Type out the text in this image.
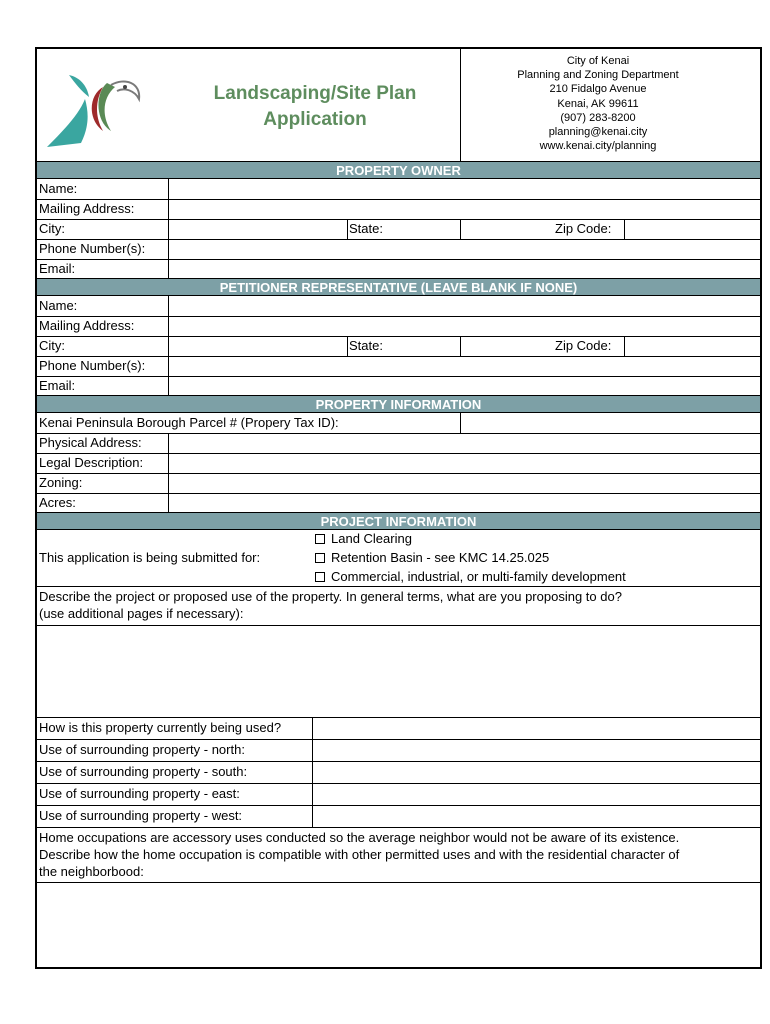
Landscaping/Site Plan
Application
City of Kenai
Planning and Zoning Department
210 Fidalgo Avenue
Kenai, AK 99611
(907) 283-8200
planning@kenai.city
www.kenai.city/planning
PROPERTY OWNER
Name:
Mailing Address:
City:	State:	Zip Code:
Phone Number(s):
Email:
PETITIONER REPRESENTATIVE (LEAVE BLANK IF NONE)
Name:
Mailing Address:
City:	State:	Zip Code:
Phone Number(s):
Email:
PROPERTY INFORMATION
Kenai Peninsula Borough Parcel # (Propery Tax ID):
Physical Address:
Legal Description:
Zoning:
Acres:
PROJECT INFORMATION
This application is being submitted for:
Land Clearing
Retention Basin - see KMC 14.25.025
Commercial, industrial, or multi-family development
Describe the project or proposed use of the property. In general terms, what are you proposing to do?
(use additional pages if necessary):
How is this property currently being used?
Use of surrounding property - north:
Use of surrounding property - south:
Use of surrounding property - east:
Use of surrounding property - west:
Home occupations are accessory uses conducted so the average neighbor would not be aware of its existence.
Describe how the home occupation is compatible with other permitted uses and with the residential character of
the neighborbood:
